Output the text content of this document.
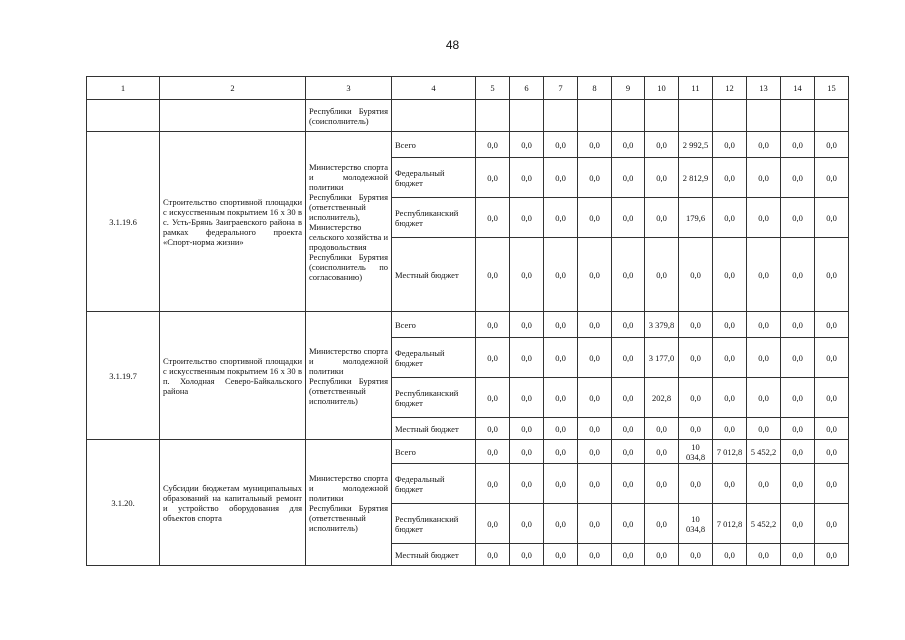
48
1	2	3	4	5	6	7	8	9	10	11	12	13	14	15
		Республики Бурятия (соисполнитель)												
3.1.19.6	Строительство спортивной площадки с искусственным покрытием 16 х 30 в с. Усть-Брянь Заиграевского района в рамках федерального проекта «Спорт-норма жизни»	Министерство спорта и молодежной политики Республики Бурятия (ответственный исполнитель), Министерство сельского хозяйства и продовольствия Республики Бурятия (соисполнитель по согласованию)	Всего	0,0	0,0	0,0	0,0	0,0	0,0	2 992,5	0,0	0,0	0,0	0,0
			Федеральный бюджет	0,0	0,0	0,0	0,0	0,0	0,0	2 812,9	0,0	0,0	0,0	0,0
			Республиканский бюджет	0,0	0,0	0,0	0,0	0,0	0,0	179,6	0,0	0,0	0,0	0,0
			Местный бюджет	0,0	0,0	0,0	0,0	0,0	0,0	0,0	0,0	0,0	0,0	0,0
3.1.19.7	Строительство спортивной площадки с искусственным покрытием 16 х 30 в п. Холодная Северо-Байкальского района	Министерство спорта и молодежной политики Республики Бурятия (ответственный исполнитель)	Всего	0,0	0,0	0,0	0,0	0,0	3 379,8	0,0	0,0	0,0	0,0	0,0
			Федеральный бюджет	0,0	0,0	0,0	0,0	0,0	3 177,0	0,0	0,0	0,0	0,0	0,0
			Республиканский бюджет	0,0	0,0	0,0	0,0	0,0	202,8	0,0	0,0	0,0	0,0	0,0
			Местный бюджет	0,0	0,0	0,0	0,0	0,0	0,0	0,0	0,0	0,0	0,0	0,0
3.1.20.	Субсидии бюджетам муниципальных образований на капитальный ремонт и устройство оборудования для объектов спорта	Министерство спорта и молодежной политики Республики Бурятия (ответственный исполнитель)	Всего	0,0	0,0	0,0	0,0	0,0	0,0	10 034,8	7 012,8	5 452,2	0,0	0,0
			Федеральный бюджет	0,0	0,0	0,0	0,0	0,0	0,0	0,0	0,0	0,0	0,0	0,0
			Республиканский бюджет	0,0	0,0	0,0	0,0	0,0	0,0	10 034,8	7 012,8	5 452,2	0,0	0,0
			Местный бюджет	0,0	0,0	0,0	0,0	0,0	0,0	0,0	0,0	0,0	0,0	0,0
